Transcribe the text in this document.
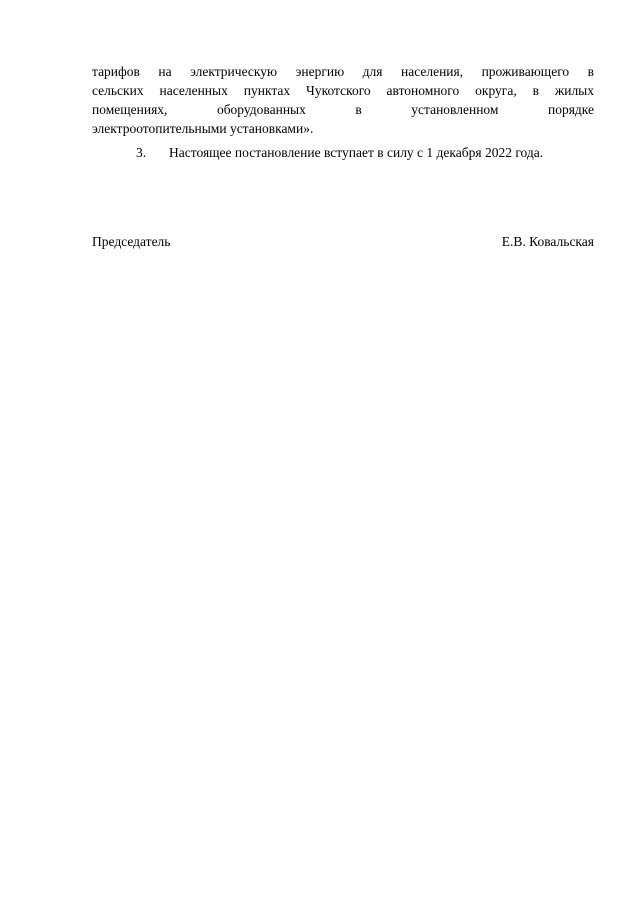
тарифов на электрическую энергию для населения, проживающего в
сельских населенных пунктах Чукотского автономного округа, в жилых
помещениях, оборудованных в установленном порядке
электроотопительными установками».
3. Настоящее постановление вступает в силу с 1 декабря 2022 года.
Председатель	Е.В. Ковальская
